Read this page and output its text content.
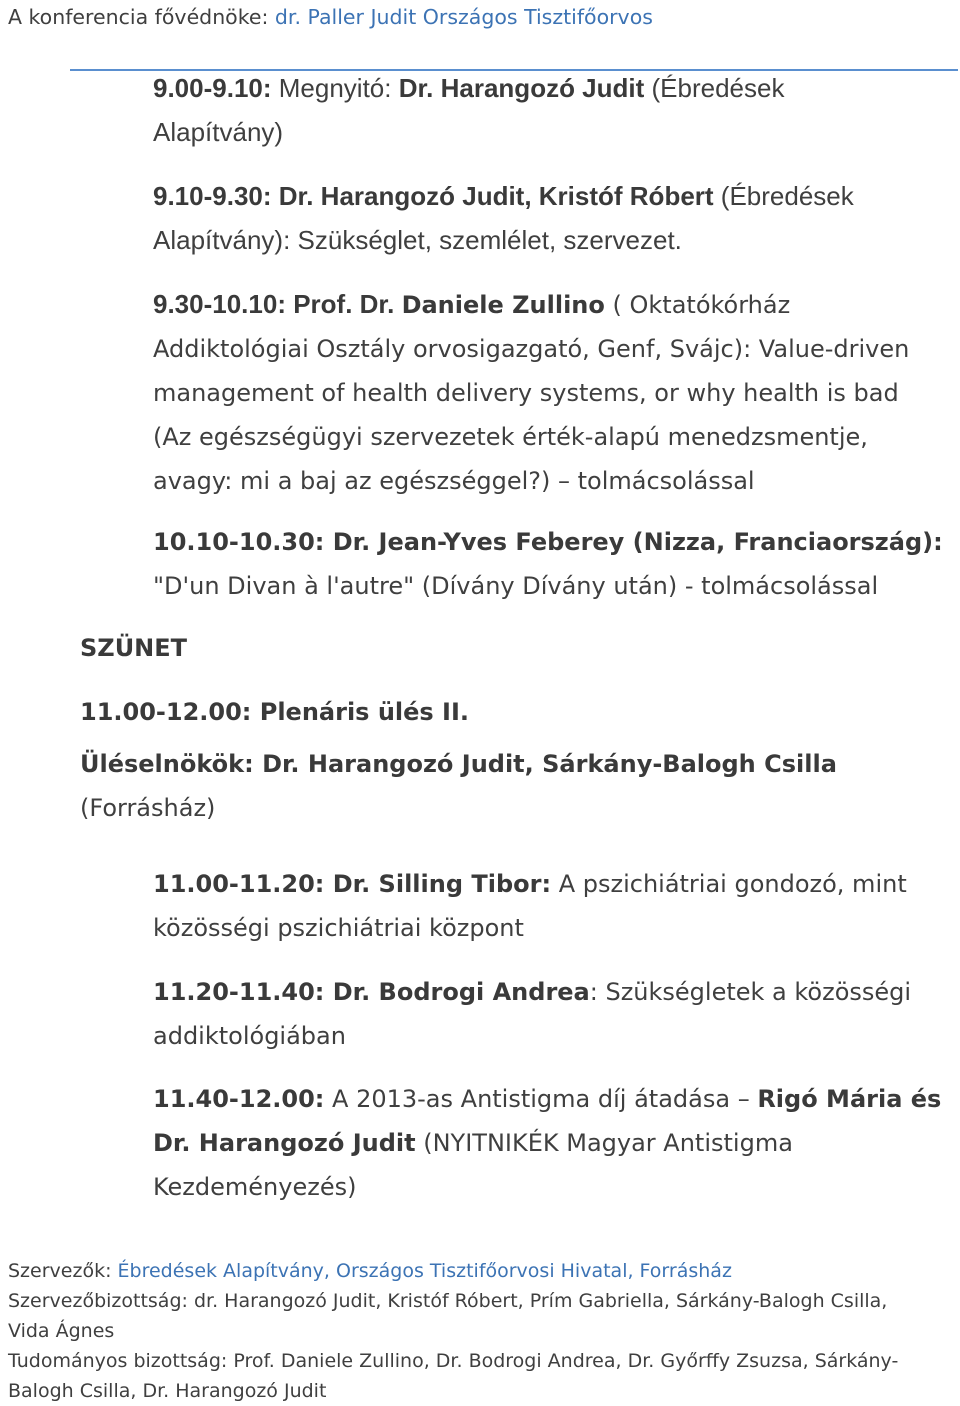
A konferencia fővédnöke: dr. Paller Judit Országos Tisztifőorvos
9.00-9.10: Megnyitó: Dr. Harangozó Judit (Ébredések
Alapítvány)
9.10-9.30: Dr. Harangozó Judit, Kristóf Róbert (Ébredések
Alapítvány): Szükséglet, szemlélet, szervezet.
9.30-10.10: Prof. Dr. Daniele Zullino ( Oktatókórház
Addiktológiai Osztály orvosigazgató, Genf, Svájc): Value-driven
management of health delivery systems, or why health is bad
(Az egészségügyi szervezetek érték-alapú menedzsmentje,
avagy: mi a baj az egészséggel?) – tolmácsolással
10.10-10.30: Dr. Jean-Yves Feberey (Nizza, Franciaország):
"D'un Divan à l'autre" (Dívány Dívány után) - tolmácsolással
SZÜNET
11.00-12.00: Plenáris ülés II.
Üléselnökök: Dr. Harangozó Judit, Sárkány-Balogh Csilla
(Forrásház)
11.00-11.20: Dr. Silling Tibor: A pszichiátriai gondozó, mint
közösségi pszichiátriai központ
11.20-11.40: Dr. Bodrogi Andrea: Szükségletek a közösségi
addiktológiában
11.40-12.00: A 2013-as Antistigma díj átadása – Rigó Mária és
Dr. Harangozó Judit (NYITNIKÉK Magyar Antistigma
Kezdeményezés)
Szervezők: Ébredések Alapítvány, Országos Tisztifőorvosi Hivatal, Forrásház
Szervezőbizottság: dr. Harangozó Judit, Kristóf Róbert, Prím Gabriella, Sárkány-Balogh Csilla,
Vida Ágnes
Tudományos bizottság: Prof. Daniele Zullino, Dr. Bodrogi Andrea, Dr. Győrffy Zsuzsa, Sárkány-
Balogh Csilla, Dr. Harangozó Judit
